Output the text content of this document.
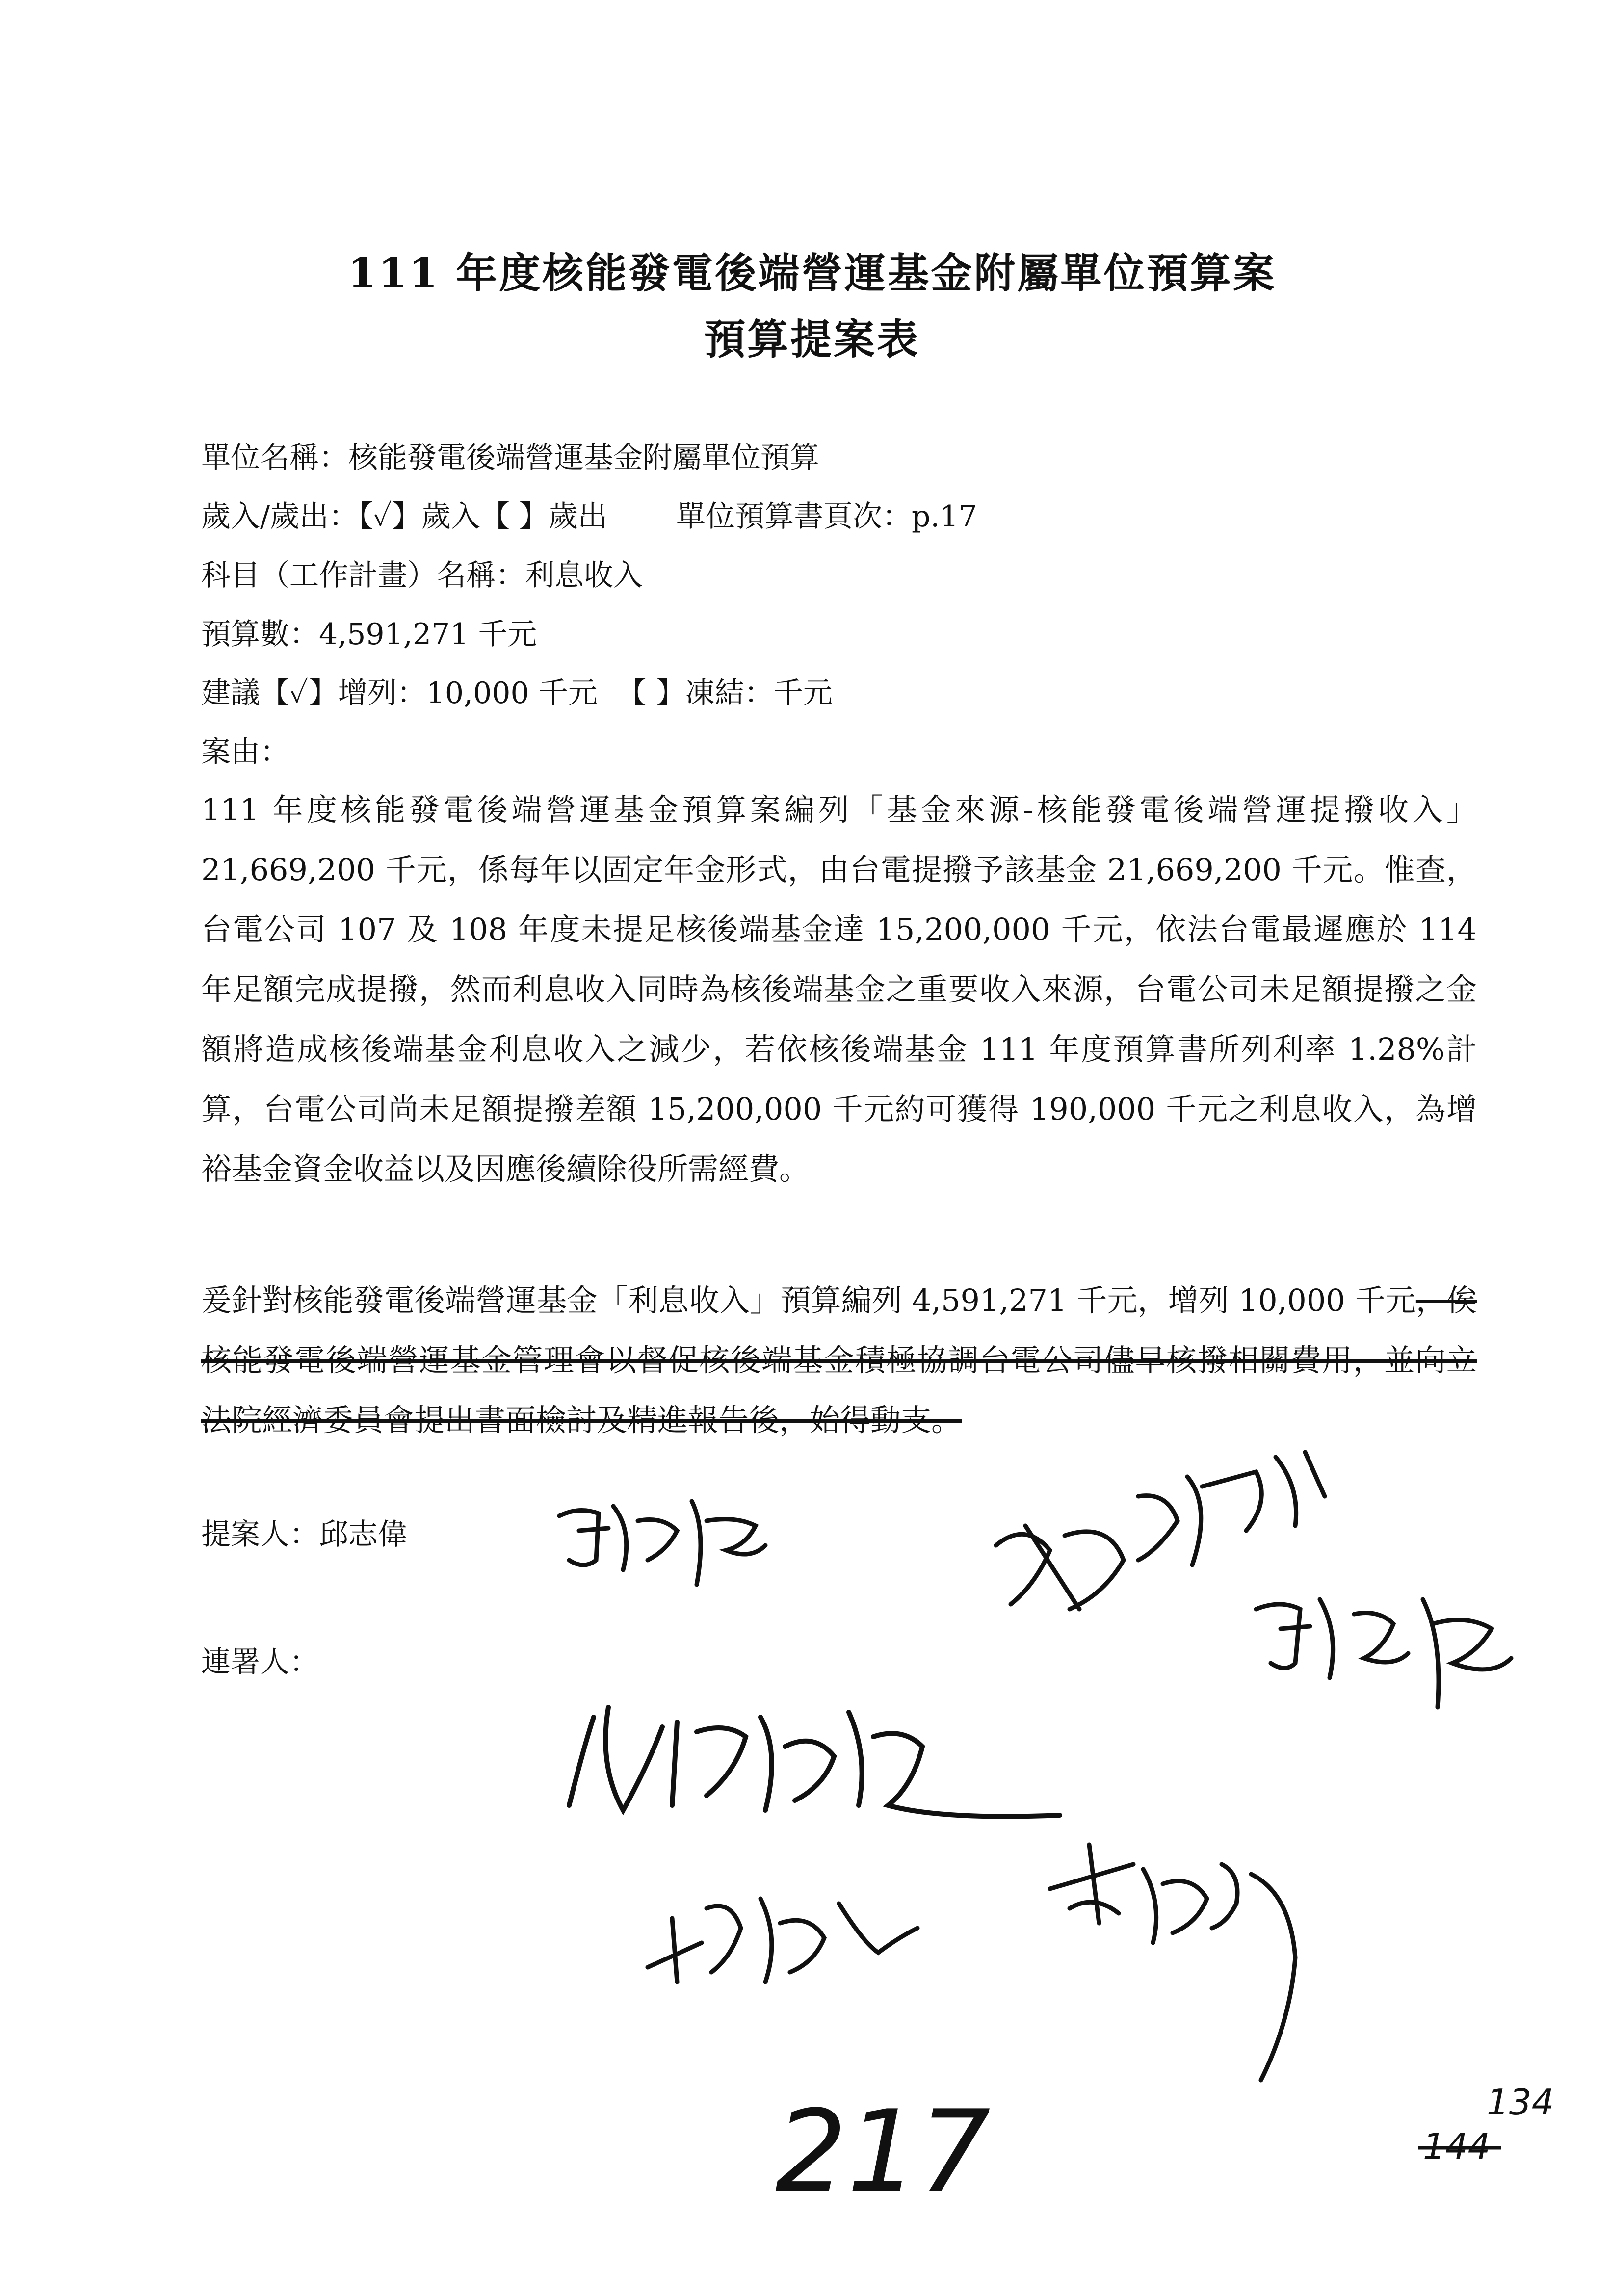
111 年度核能發電後端營運基金附屬單位預算案
預算提案表
單位名稱：核能發電後端營運基金附屬單位預算
歲入/歲出：【✓】歲入【 】歲出 單位預算書頁次：p.17
科目（工作計畫）名稱：利息收入
預算數：4,591,271 千元
建議【✓】增列：10,000 千元 【 】凍結：千元
案由：
111 年度核能發電後端營運基金預算案編列「基金來源-核能發電後端營運提撥收入」21,669,200 千元，係每年以固定年金形式，由台電提撥予該基金 21,669,200 千元。惟查，台電公司 107 及 108 年度未提足核後端基金達 15,200,000 千元，依法台電最遲應於 114 年足額完成提撥，然而利息收入同時為核後端基金之重要收入來源，台電公司未足額提撥之金額將造成核後端基金利息收入之減少，若依核後端基金 111 年度預算書所列利率 1.28%計算，台電公司尚未足額提撥差額 15,200,000 千元約可獲得 190,000 千元之利息收入，為增裕基金資金收益以及因應後續除役所需經費。
爰針對核能發電後端營運基金「利息收入」預算編列 4,591,271 千元，增列 10,000 千元，俟核能發電後端營運基金管理會以督促核後端基金積極協調台電公司儘早核撥相關費用，並向立法院經濟委員會提出書面檢討及精進報告後，始得動支。
提案人：邱志偉
連署人：
217	134
144
